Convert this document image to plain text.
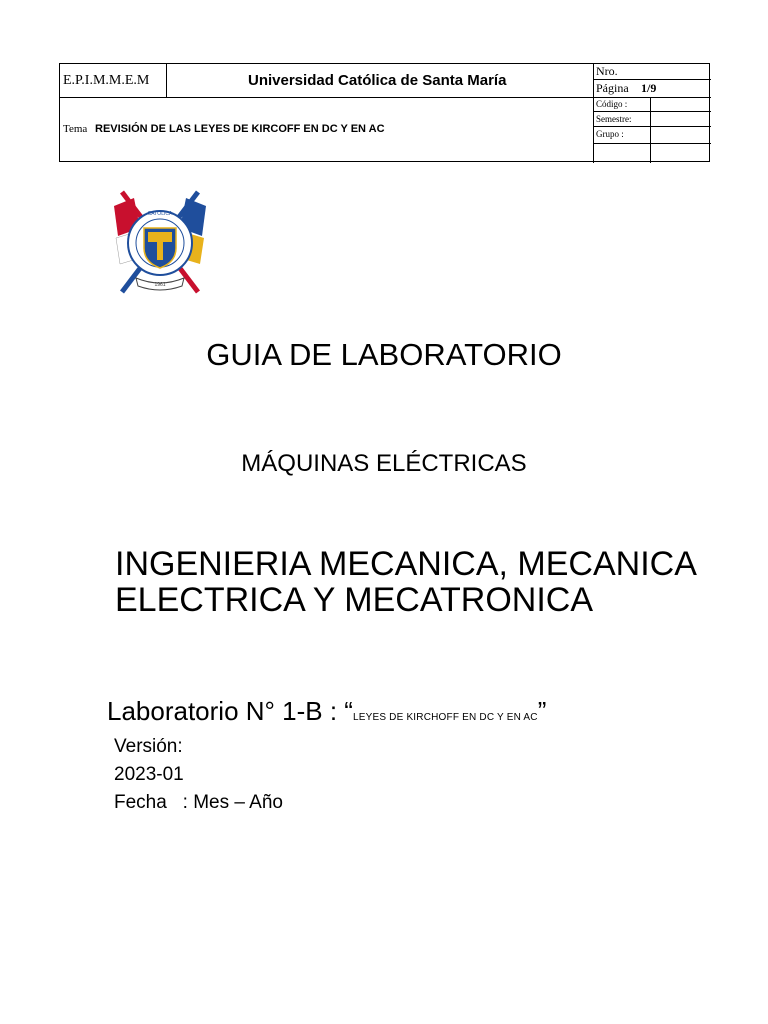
E.P.I.M.M.E.M	Universidad Católica de Santa María
Tema REVISIÓN DE LAS LEYES DE KIRCOFF EN DC Y EN AC
Nro.
Página 1/9
Código :
Semestre:
Grupo :
1961
CATÓLICA
GUIA DE LABORATORIO
MÁQUINAS ELÉCTRICAS
INGENIERIA MECANICA, MECANICA
ELECTRICA Y MECATRONICA
Laboratorio N° 1-B : “LEYES DE KIRCHOFF EN DC Y EN AC”
Versión:
2023-01
Fecha   : Mes – Año
